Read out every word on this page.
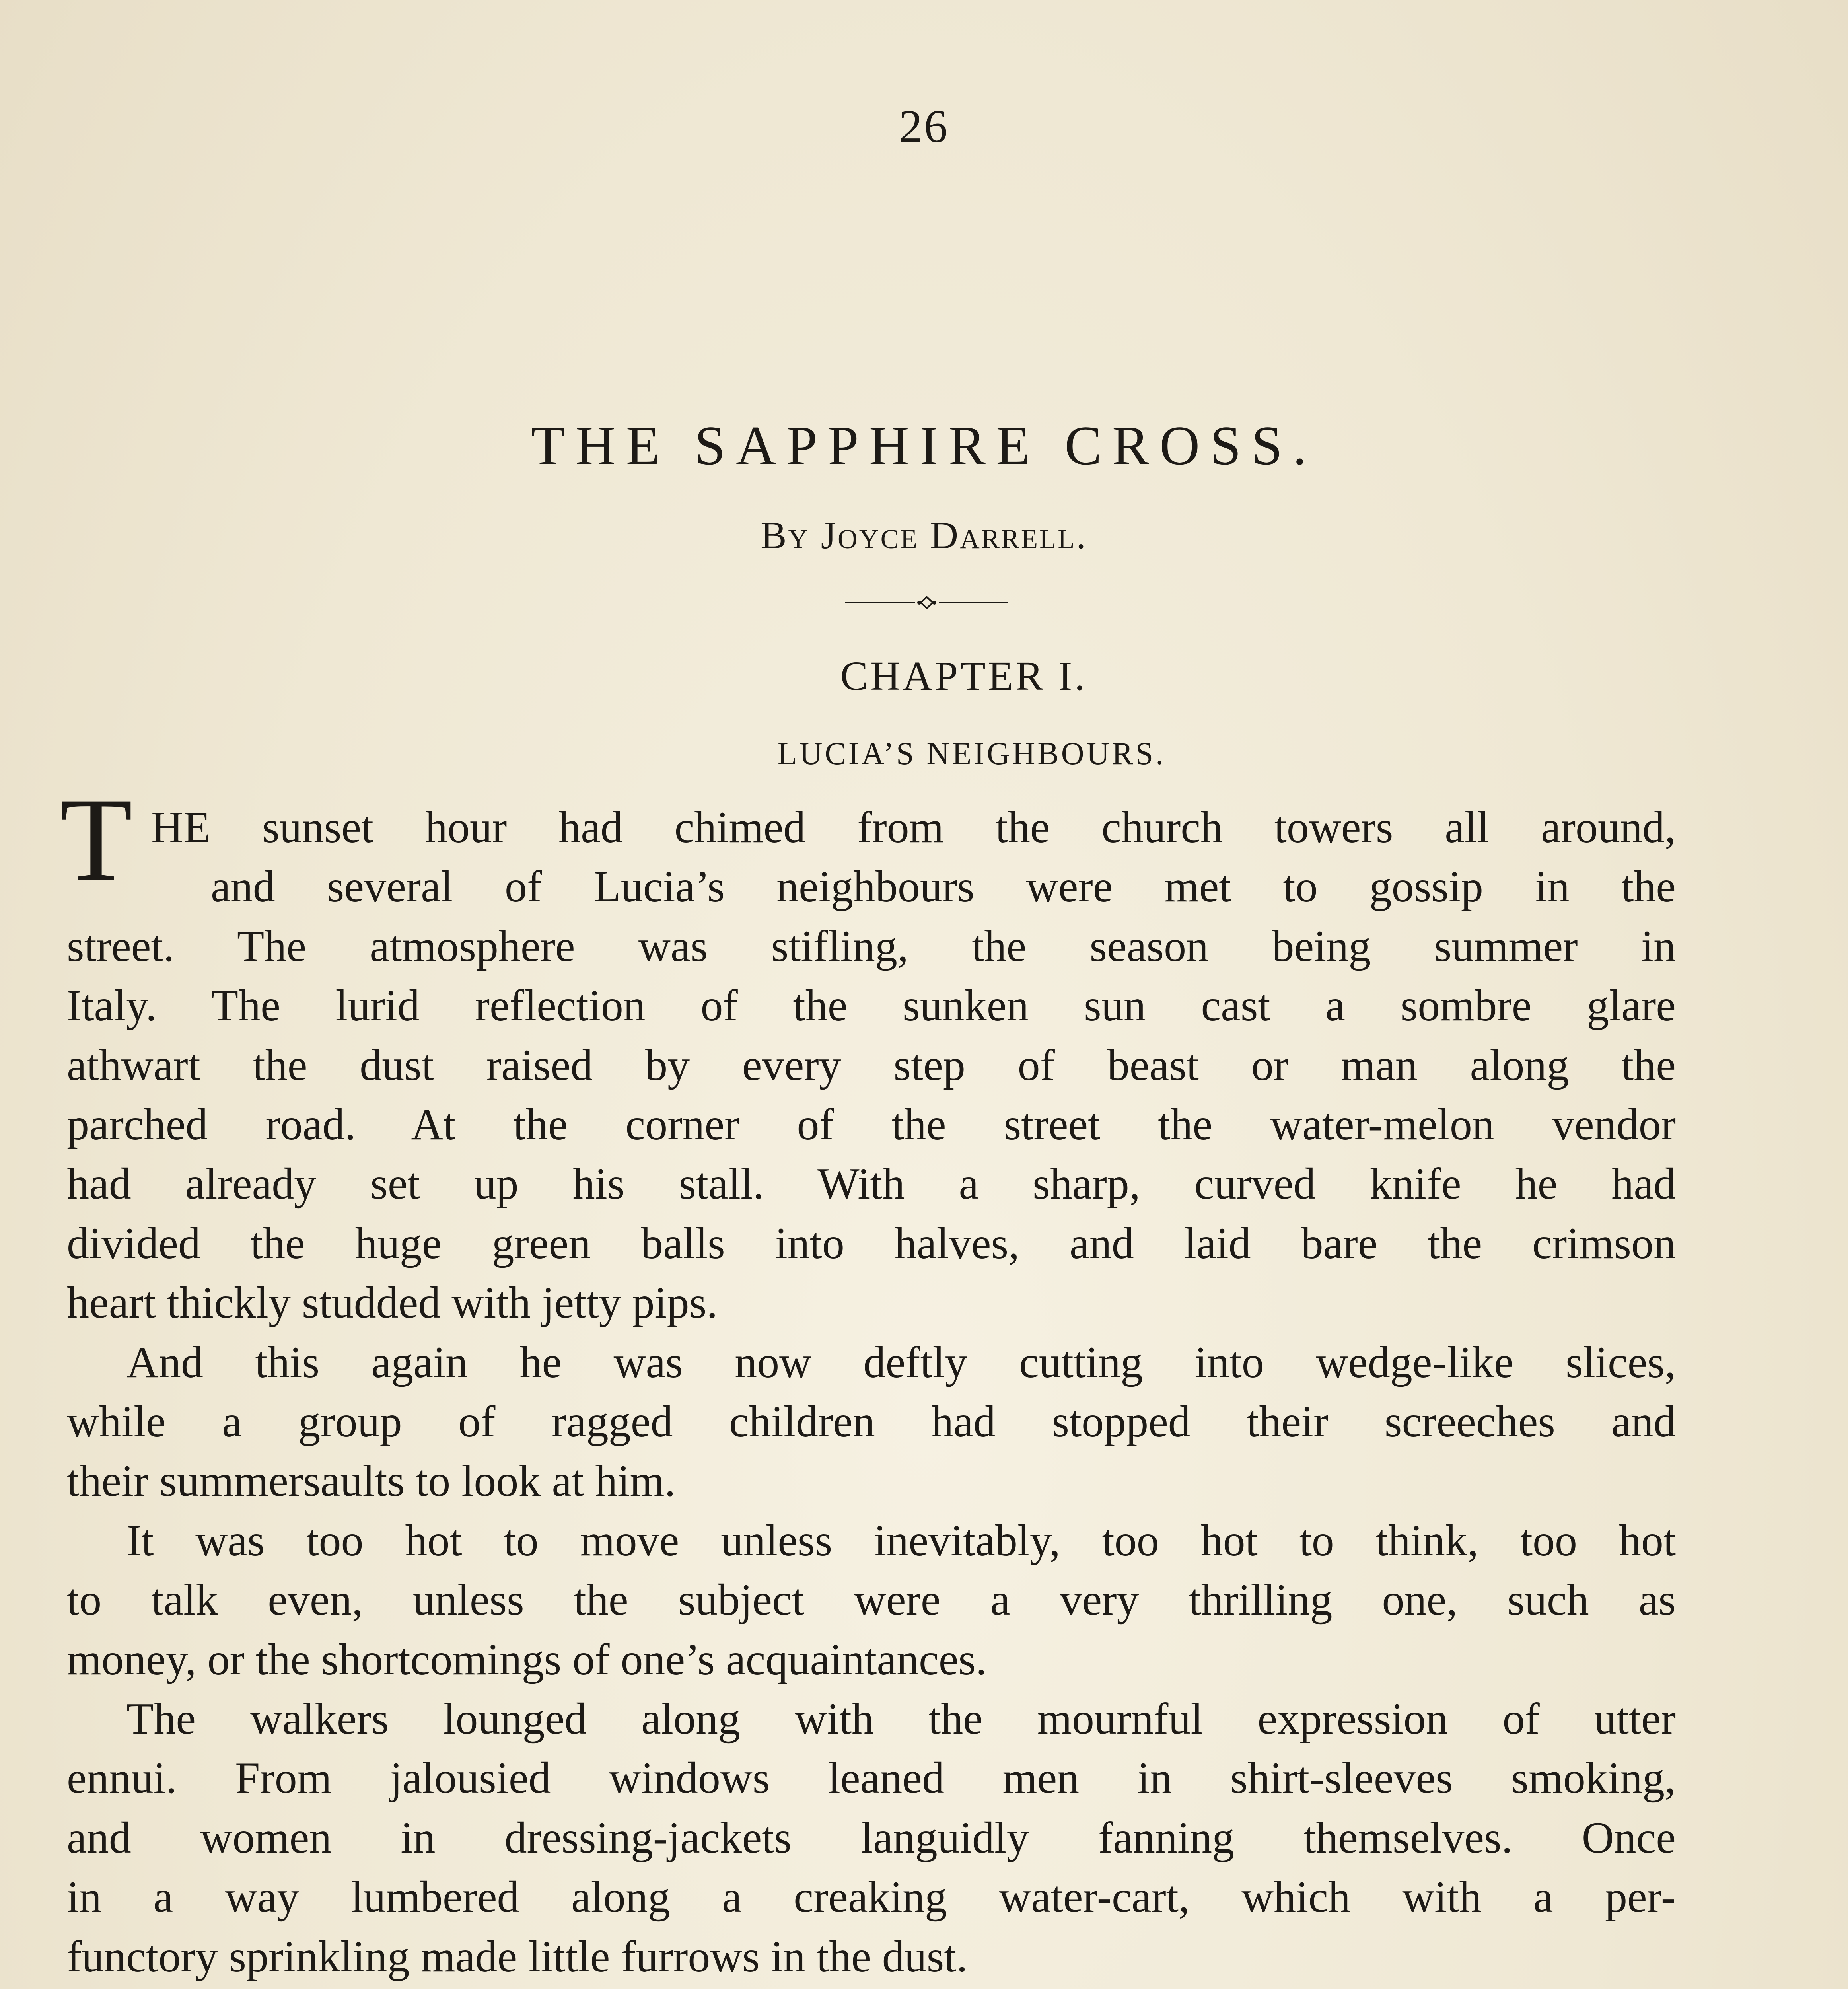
26
THE SAPPHIRE CROSS.
By Joyce Darrell.
CHAPTER I.
LUCIA’S NEIGHBOURS.
T HE sunset hour had chimed from the church towers all around,
and several of Lucia’s neighbours were met to gossip in the
street. The atmosphere was stifling, the season being summer in
Italy. The lurid reflection of the sunken sun cast a sombre glare
athwart the dust raised by every step of beast or man along the
parched road. At the corner of the street the water-melon vendor
had already set up his stall. With a sharp, curved knife he had
divided the huge green balls into halves, and laid bare the crimson
heart thickly studded with jetty pips.
And this again he was now deftly cutting into wedge-like slices,
while a group of ragged children had stopped their screeches and
their summersaults to look at him.
It was too hot to move unless inevitably, too hot to think, too hot
to talk even, unless the subject were a very thrilling one, such as
money, or the shortcomings of one’s acquaintances.
The walkers lounged along with the mournful expression of utter
ennui. From jalousied windows leaned men in shirt-sleeves smoking,
and women in dressing-jackets languidly fanning themselves. Once
in a way lumbered along a creaking water-cart, which with a per-
functory sprinkling made little furrows in the dust.
